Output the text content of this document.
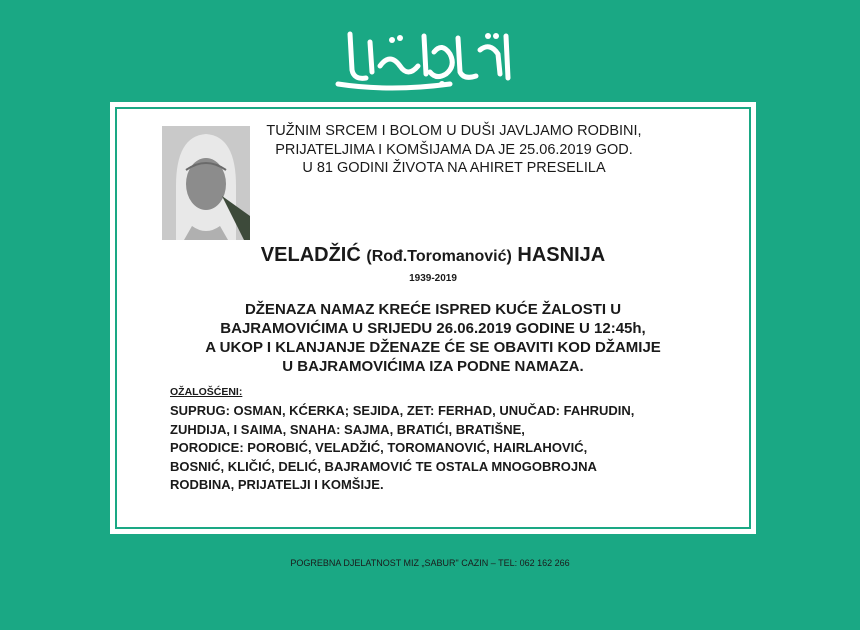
TUŽNIM SRCEM I BOLOM U DUŠI JAVLJAMO RODBINI,
PRIJATELJIMA I KOMŠIJAMA DA JE 25.06.2019 GOD.
U 81 GODINI ŽIVOTA NA AHIRET PRESELILA
VELADŽIĆ (Rođ.Toromanović) HASNIJA
1939-2019
DŽENAZA NAMAZ KREĆE ISPRED KUĆE ŽALOSTI U
BAJRAMOVIĆIMA U SRIJEDU 26.06.2019 GODINE U 12:45h,
A UKOP I KLANJANJE DŽENAZE ĆE SE OBAVITI KOD DŽAMIJE
U BAJRAMOVIĆIMA IZA PODNE NAMAZA.
OŽALOŠĆENI:
SUPRUG: OSMAN, KĆERKA; SEJIDA, ZET: FERHAD, UNUČAD: FAHRUDIN,
ZUHDIJA, I SAIMA, SNAHA: SAJMA, BRATIĆI, BRATIŠNE,
PORODICE: POROBIĆ, VELADŽIĆ, TOROMANOVIĆ, HAIRLAHOVIĆ,
BOSNIĆ, KLIČIĆ, DELIĆ, BAJRAMOVIĆ TE OSTALA MNOGOBROJNA
RODBINA, PRIJATELJI I KOMŠIJE.
POGREBNA DJELATNOST MIZ „SABUR" CAZIN – TEL: 062 162 266
